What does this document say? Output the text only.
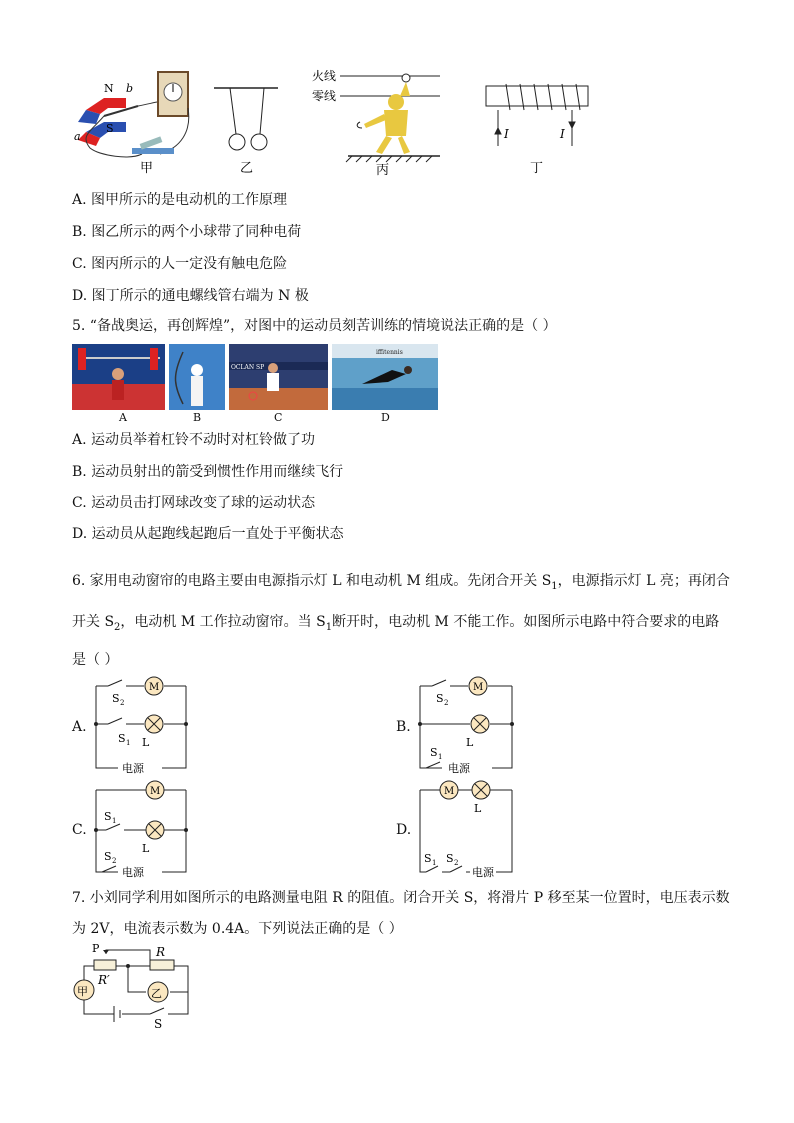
N
S
a
b
甲	乙
火线
零线
丙
I	I
丁
A. 图甲所示的是电动机的工作原理
B. 图乙所示的两个小球带了同种电荷
C. 图丙所示的人一定没有触电危险
D. 图丁所示的通电螺线管右端为 N 极
5. “备战奥运，再创辉煌”，对图中的运动员刻苦训练的情境说法正确的是（ ）
OCLAN SP
iffitennis
A	B	C	D
A. 运动员举着杠铃不动时对杠铃做了功
B. 运动员射出的箭受到惯性作用而继续飞行
C. 运动员击打网球改变了球的运动状态
D. 运动员从起跑线起跑后一直处于平衡状态
6. 家用电动窗帘的电路主要由电源指示灯 L 和电动机 M 组成。先闭合开关 $S_1$，电源指示灯 L 亮；再闭合
开关 $S_2$，电动机 M 工作拉动窗帘。当 $S_1$断开时，电动机 M 不能工作。如图所示电路中符合要求的电路
是（ ）
A.
M
S 2
S 1 L
电源
B.
M
S 2
L
S 1
电源
C.
M
S 1
L
S 2
电源
D.
M
L
S 1 S 2
电源
7. 小刘同学利用如图所示的电路测量电阻 R 的阻值。闭合开关 S，将滑片 P 移至某一位置时，电压表示数
为 2V，电流表示数为 0.4A。下列说法正确的是（ ）
P	R
R′
甲	乙
S
